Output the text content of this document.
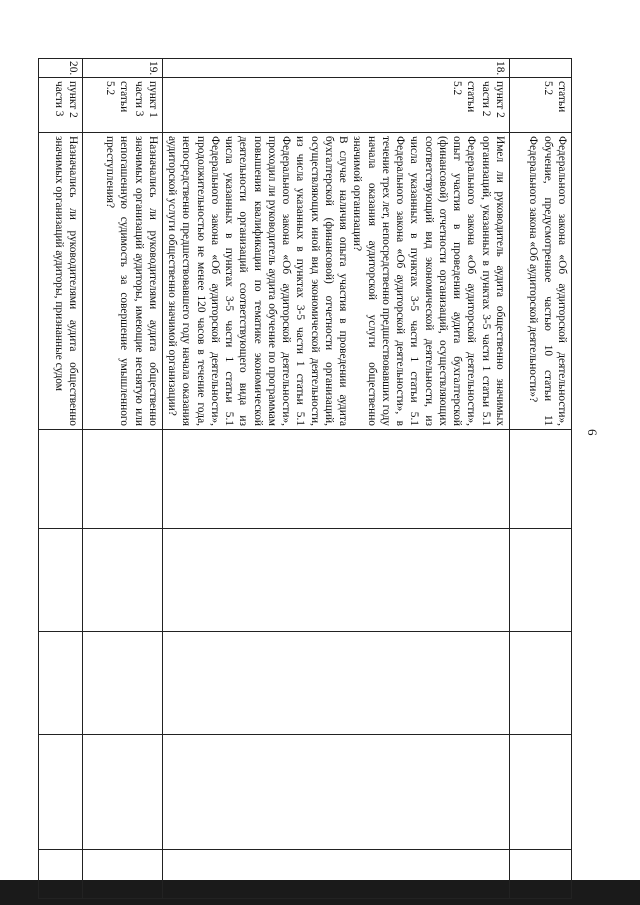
6
	статьи 5.2	Федерального закона «Об аудиторской деятельности», обучение, предусмотренное частью 10 статьи 11 Федерального закона «Об аудиторской деятельности»?					

18.	пункт 2 части 2 статьи 5.2	Имел ли руководитель аудита общественно значимых организаций, указанных в пунктах 3-5 части 1 статьи 5.1 Федерального закона «Об аудиторской деятельности», опыт участия в проведении аудита бухгалтерской (финансовой) отчетности организаций, осуществляющих соответствующий вид экономической деятельности, из числа указанных в пунктах 3-5 части 1 статьи 5.1 Федерального закона «Об аудиторской деятельности», в течение трех лет, непосредственно предшествовавших году начала оказания аудиторской услуги общественно значимой организации?

В случае наличия опыта участия в проведении аудита бухгалтерской (финансовой) отчетности организаций, осуществляющих иной вид экономической деятельности, из числа указанных в пунктах 3-5 части 1 статьи 5.1 Федерального закона «Об аудиторской деятельности», проходил ли руководитель аудита обучение по программам повышения квалификации по тематике экономической деятельности организаций соответствующего вида из числа указанных в пунктах 3-5 части 1 статьи 5.1 Федерального закона «Об аудиторской деятельности», продолжительностью не менее 120 часов в течение года, непосредственно предшествовавшего году начала оказания аудиторской услуги общественно значимой организации?					

19.	пункт 1 части 3 статьи 5.2	Назначались ли руководителями аудита общественно значимых организаций аудиторы, имеющие неснятую или непогашенную судимость за совершение умышленного преступления?					

20.	пункт 2 части 3	Назначались ли руководителями аудита общественно значимых организаций аудиторы, признанные судом					
